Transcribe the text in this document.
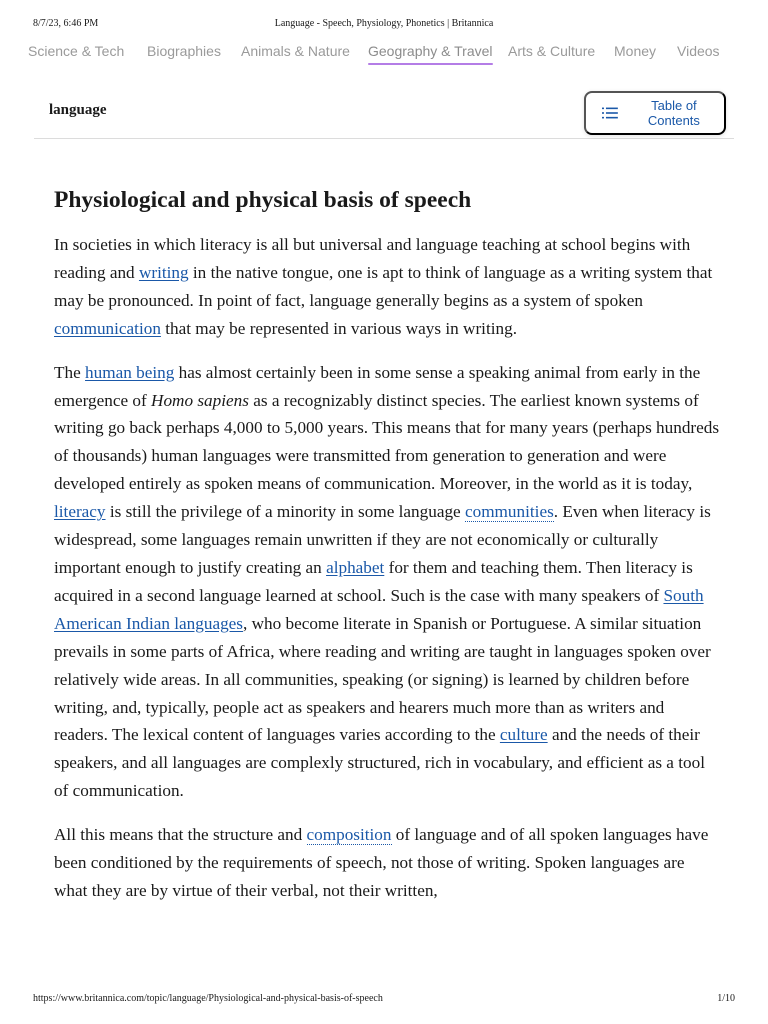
8/7/23, 6:46 PM	Language - Speech, Physiology, Phonetics | Britannica
Science & Tech Biographies Animals & Nature Geography & Travel Arts & Culture Money Videos
language	Table of Contents
Physiological and physical basis of speech

In societies in which literacy is all but universal and language teaching at school begins with reading and writing in the native tongue, one is apt to think of language as a writing system that may be pronounced. In point of fact, language generally begins as a system of spoken communication that may be represented in various ways in writing.

The human being has almost certainly been in some sense a speaking animal from early in the emergence of Homo sapiens as a recognizably distinct species. The earliest known systems of writing go back perhaps 4,000 to 5,000 years. This means that for many years (perhaps hundreds of thousands) human languages were transmitted from generation to generation and were developed entirely as spoken means of communication. Moreover, in the world as it is today, literacy is still the privilege of a minority in some language communities. Even when literacy is widespread, some languages remain unwritten if they are not economically or culturally important enough to justify creating an alphabet for them and teaching them. Then literacy is acquired in a second language learned at school. Such is the case with many speakers of South American Indian languages, who become literate in Spanish or Portuguese. A similar situation prevails in some parts of Africa, where reading and writing are taught in languages spoken over relatively wide areas. In all communities, speaking (or signing) is learned by children before writing, and, typically, people act as speakers and hearers much more than as writers and readers. The lexical content of languages varies according to the culture and the needs of their speakers, and all languages are complexly structured, rich in vocabulary, and efficient as a tool of communication.

All this means that the structure and composition of language and of all spoken languages have been conditioned by the requirements of speech, not those of writing. Spoken languages are what they are by virtue of their verbal, not their written,

https://www.britannica.com/topic/language/Physiological-and-physical-basis-of-speech	1/10
